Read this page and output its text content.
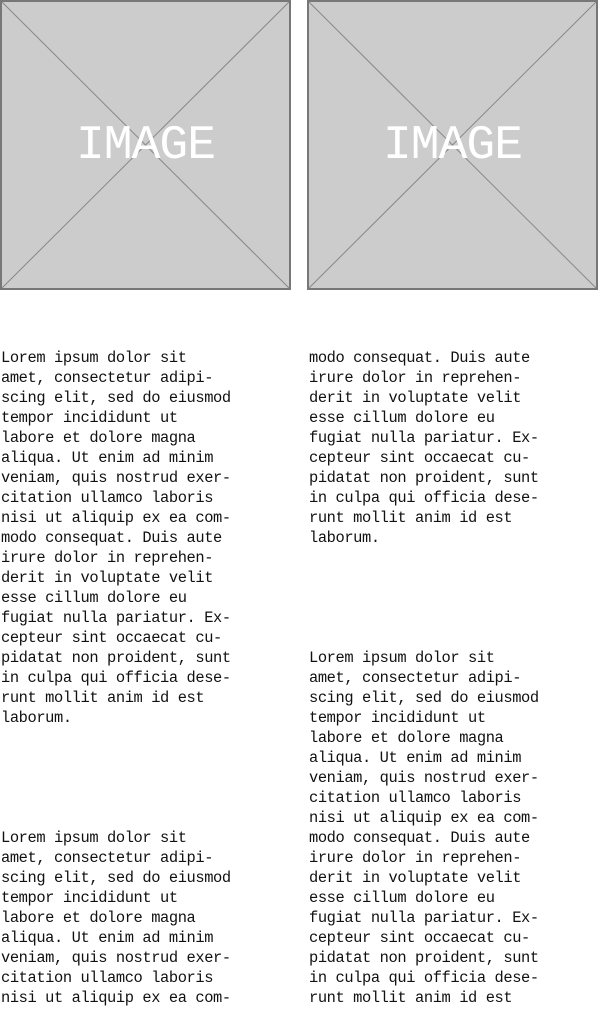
IMAGE	IMAGE

Lorem ipsum dolor sit
amet, consectetur adipi-
scing elit, sed do eiusmod
tempor incididunt ut
labore et dolore magna
aliqua. Ut enim ad minim
veniam, quis nostrud exer-
citation ullamco laboris
nisi ut aliquip ex ea com-
modo consequat. Duis aute
irure dolor in reprehen-
derit in voluptate velit
esse cillum dolore eu
fugiat nulla pariatur. Ex-
cepteur sint occaecat cu-
pidatat non proident, sunt
in culpa qui officia dese-
runt mollit anim id est
laborum.

Lorem ipsum dolor sit
amet, consectetur adipi-
scing elit, sed do eiusmod
tempor incididunt ut
labore et dolore magna
aliqua. Ut enim ad minim
veniam, quis nostrud exer-
citation ullamco laboris
nisi ut aliquip ex ea com-

modo consequat. Duis aute
irure dolor in reprehen-
derit in voluptate velit
esse cillum dolore eu
fugiat nulla pariatur. Ex-
cepteur sint occaecat cu-
pidatat non proident, sunt
in culpa qui officia dese-
runt mollit anim id est
laborum.

Lorem ipsum dolor sit
amet, consectetur adipi-
scing elit, sed do eiusmod
tempor incididunt ut
labore et dolore magna
aliqua. Ut enim ad minim
veniam, quis nostrud exer-
citation ullamco laboris
nisi ut aliquip ex ea com-
modo consequat. Duis aute
irure dolor in reprehen-
derit in voluptate velit
esse cillum dolore eu
fugiat nulla pariatur. Ex-
cepteur sint occaecat cu-
pidatat non proident, sunt
in culpa qui officia dese-
runt mollit anim id est
